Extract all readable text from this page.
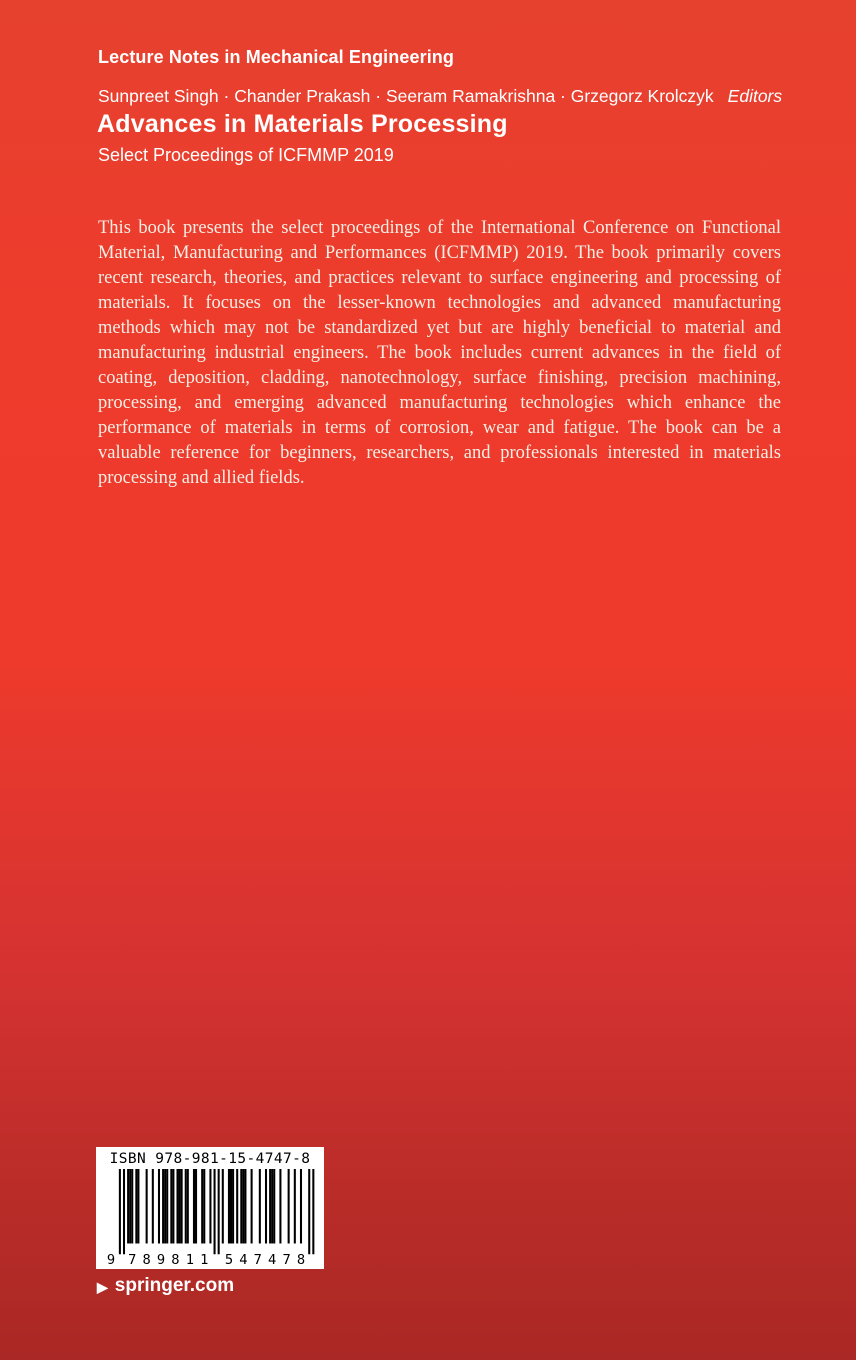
Lecture Notes in Mechanical Engineering
Sunpreet Singh · Chander Prakash · Seeram Ramakrishna · Grzegorz Krolczyk Editors
Advances in Materials Processing
Select Proceedings of ICFMMP 2019
This book presents the select proceedings of the International Conference on Functional Material, Manufacturing and Performances (ICFMMP) 2019. The book primarily covers recent research, theories, and practices relevant to surface engineering and processing of materials. It focuses on the lesser-known technologies and advanced manufacturing methods which may not be standardized yet but are highly beneficial to material and manufacturing industrial engineers. The book includes current advances in the field of coating, deposition, cladding, nanotechnology, surface finishing, precision machining, processing, and emerging advanced manufacturing technologies which enhance the performance of materials in terms of corrosion, wear and fatigue. The book can be a valuable reference for beginners, researchers, and professionals interested in materials processing and allied fields.
ISBN 978-981-15-4747-8
9 7 8 9 8 1 1 5 4 7 4 7 8
▶ springer.com
